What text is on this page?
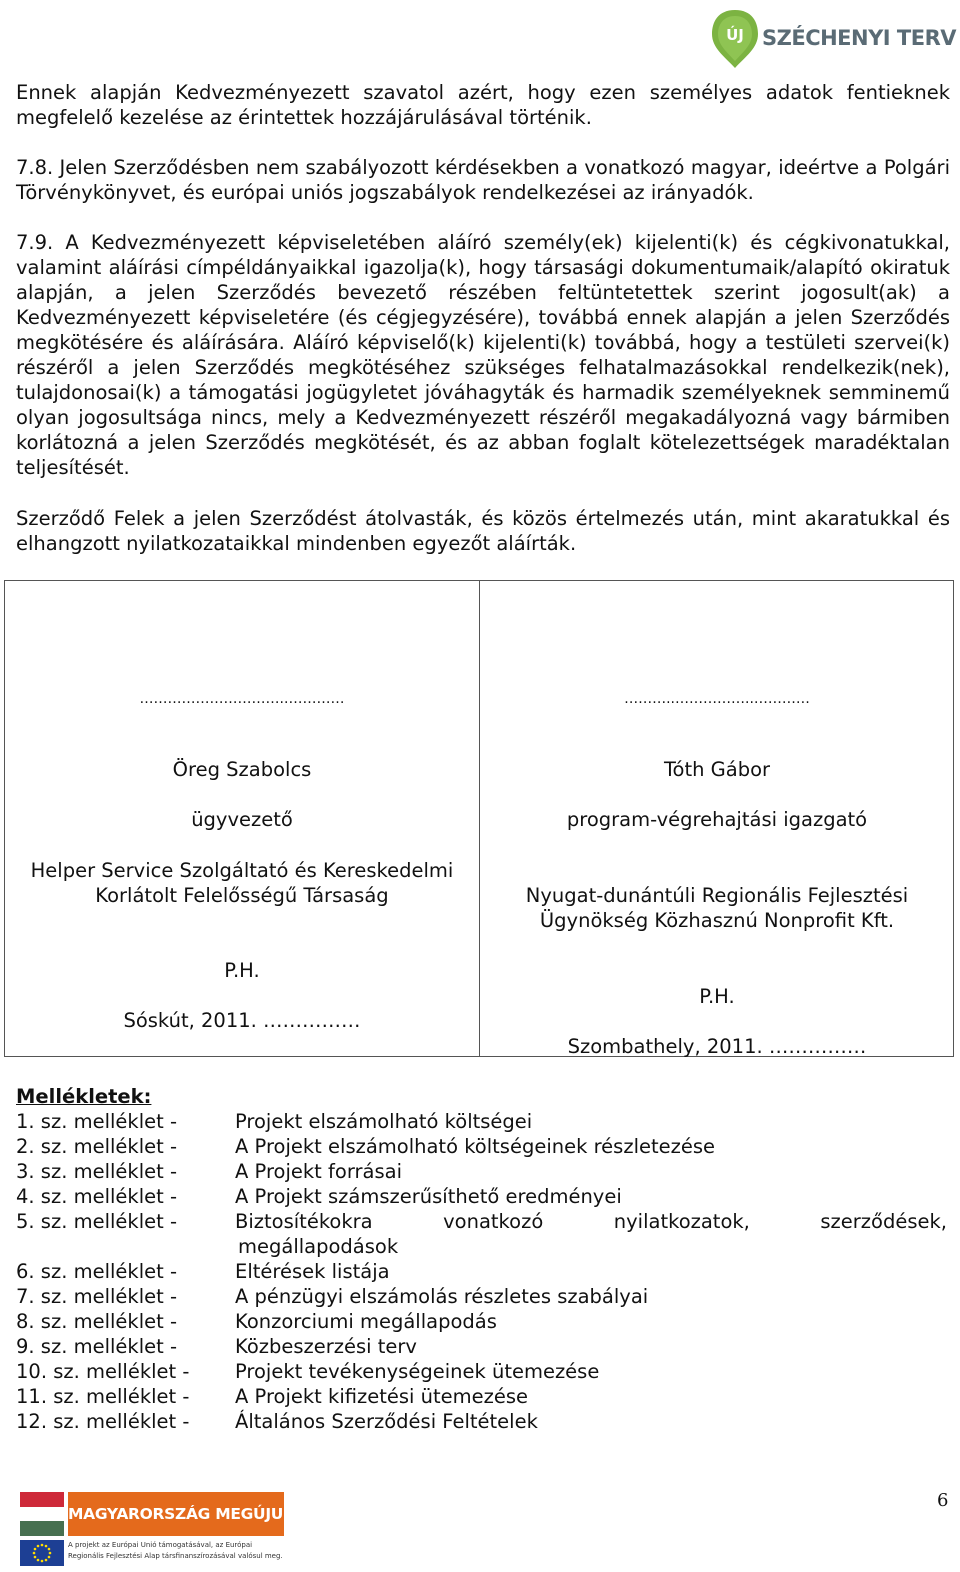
ÚJ SZÉCHENYI TERV

Ennek alapján Kedvezményezett szavatol azért, hogy ezen személyes adatok fentieknek megfelelő kezelése az érintettek hozzájárulásával történik.

7.8. Jelen Szerződésben nem szabályozott kérdésekben a vonatkozó magyar, ideértve a Polgári Törvénykönyvet, és európai uniós jogszabályok rendelkezései az irányadók.

7.9. A Kedvezményezett képviseletében aláíró személy(ek) kijelenti(k) és cégkivonatukkal, valamint aláírási címpéldányaikkal igazolja(k), hogy társasági dokumentumaik/alapító okiratuk alapján, a jelen Szerződés bevezető részében feltüntetettek szerint jogosult(ak) a Kedvezményezett képviseletére (és cégjegyzésére), továbbá ennek alapján a jelen Szerződés megkötésére és aláírására. Aláíró képviselő(k) kijelenti(k) továbbá, hogy a testületi szervei(k) részéről a jelen Szerződés megkötéséhez szükséges felhatalmazásokkal rendelkezik(nek), tulajdonosai(k) a támogatási jogügyletet jóváhagyták és harmadik személyeknek semminemű olyan jogosultsága nincs, mely a Kedvezményezett részéről megakadályozná vagy bármiben korlátozná a jelen Szerződés megkötését, és az abban foglalt kötelezettségek maradéktalan teljesítését.

Szerződő Felek a jelen Szerződést átolvasták, és közös értelmezés után, mint akaratukkal és elhangzott nyilatkozataikkal mindenben egyezőt aláírták.

…………………………..…………
Öreg Szabolcs
ügyvezető
Helper Service Szolgáltató és Kereskedelmi
Korlátolt Felelősségű Társaság
P.H.
Sóskút, 2011. ……………
………..……………..…………
Tóth Gábor
program-végrehajtási igazgató
Nyugat-dunántúli Regionális Fejlesztési
Ügynökség Közhasznú Nonprofit Kft.
P.H.
Szombathely, 2011. ……………

Mellékletek:

1. sz. melléklet -	Projekt elszámolható költségei
2. sz. melléklet -	A Projekt elszámolható költségeinek részletezése
3. sz. melléklet -	A Projekt forrásai
4. sz. melléklet -	A Projekt számszerűsíthető eredményei
5. sz. melléklet -	Biztosítékokra vonatkozó nyilatkozatok, szerződések,
megállapodások
6. sz. melléklet -	Eltérések listája
7. sz. melléklet -	A pénzügyi elszámolás részletes szabályai
8. sz. melléklet -	Konzorciumi megállapodás
9. sz. melléklet -	Közbeszerzési terv
10. sz. melléklet - Projekt tevékenységeinek ütemezése
11. sz. melléklet - A Projekt kifizetési ütemezése
12. sz. melléklet - Általános Szerződési Feltételek
MAGYARORSZÁG MEGÚJUL
A projekt az Európai Unió támogatásával, az Európai
Regionális Fejlesztési Alap társfinanszírozásával valósul meg.
6
